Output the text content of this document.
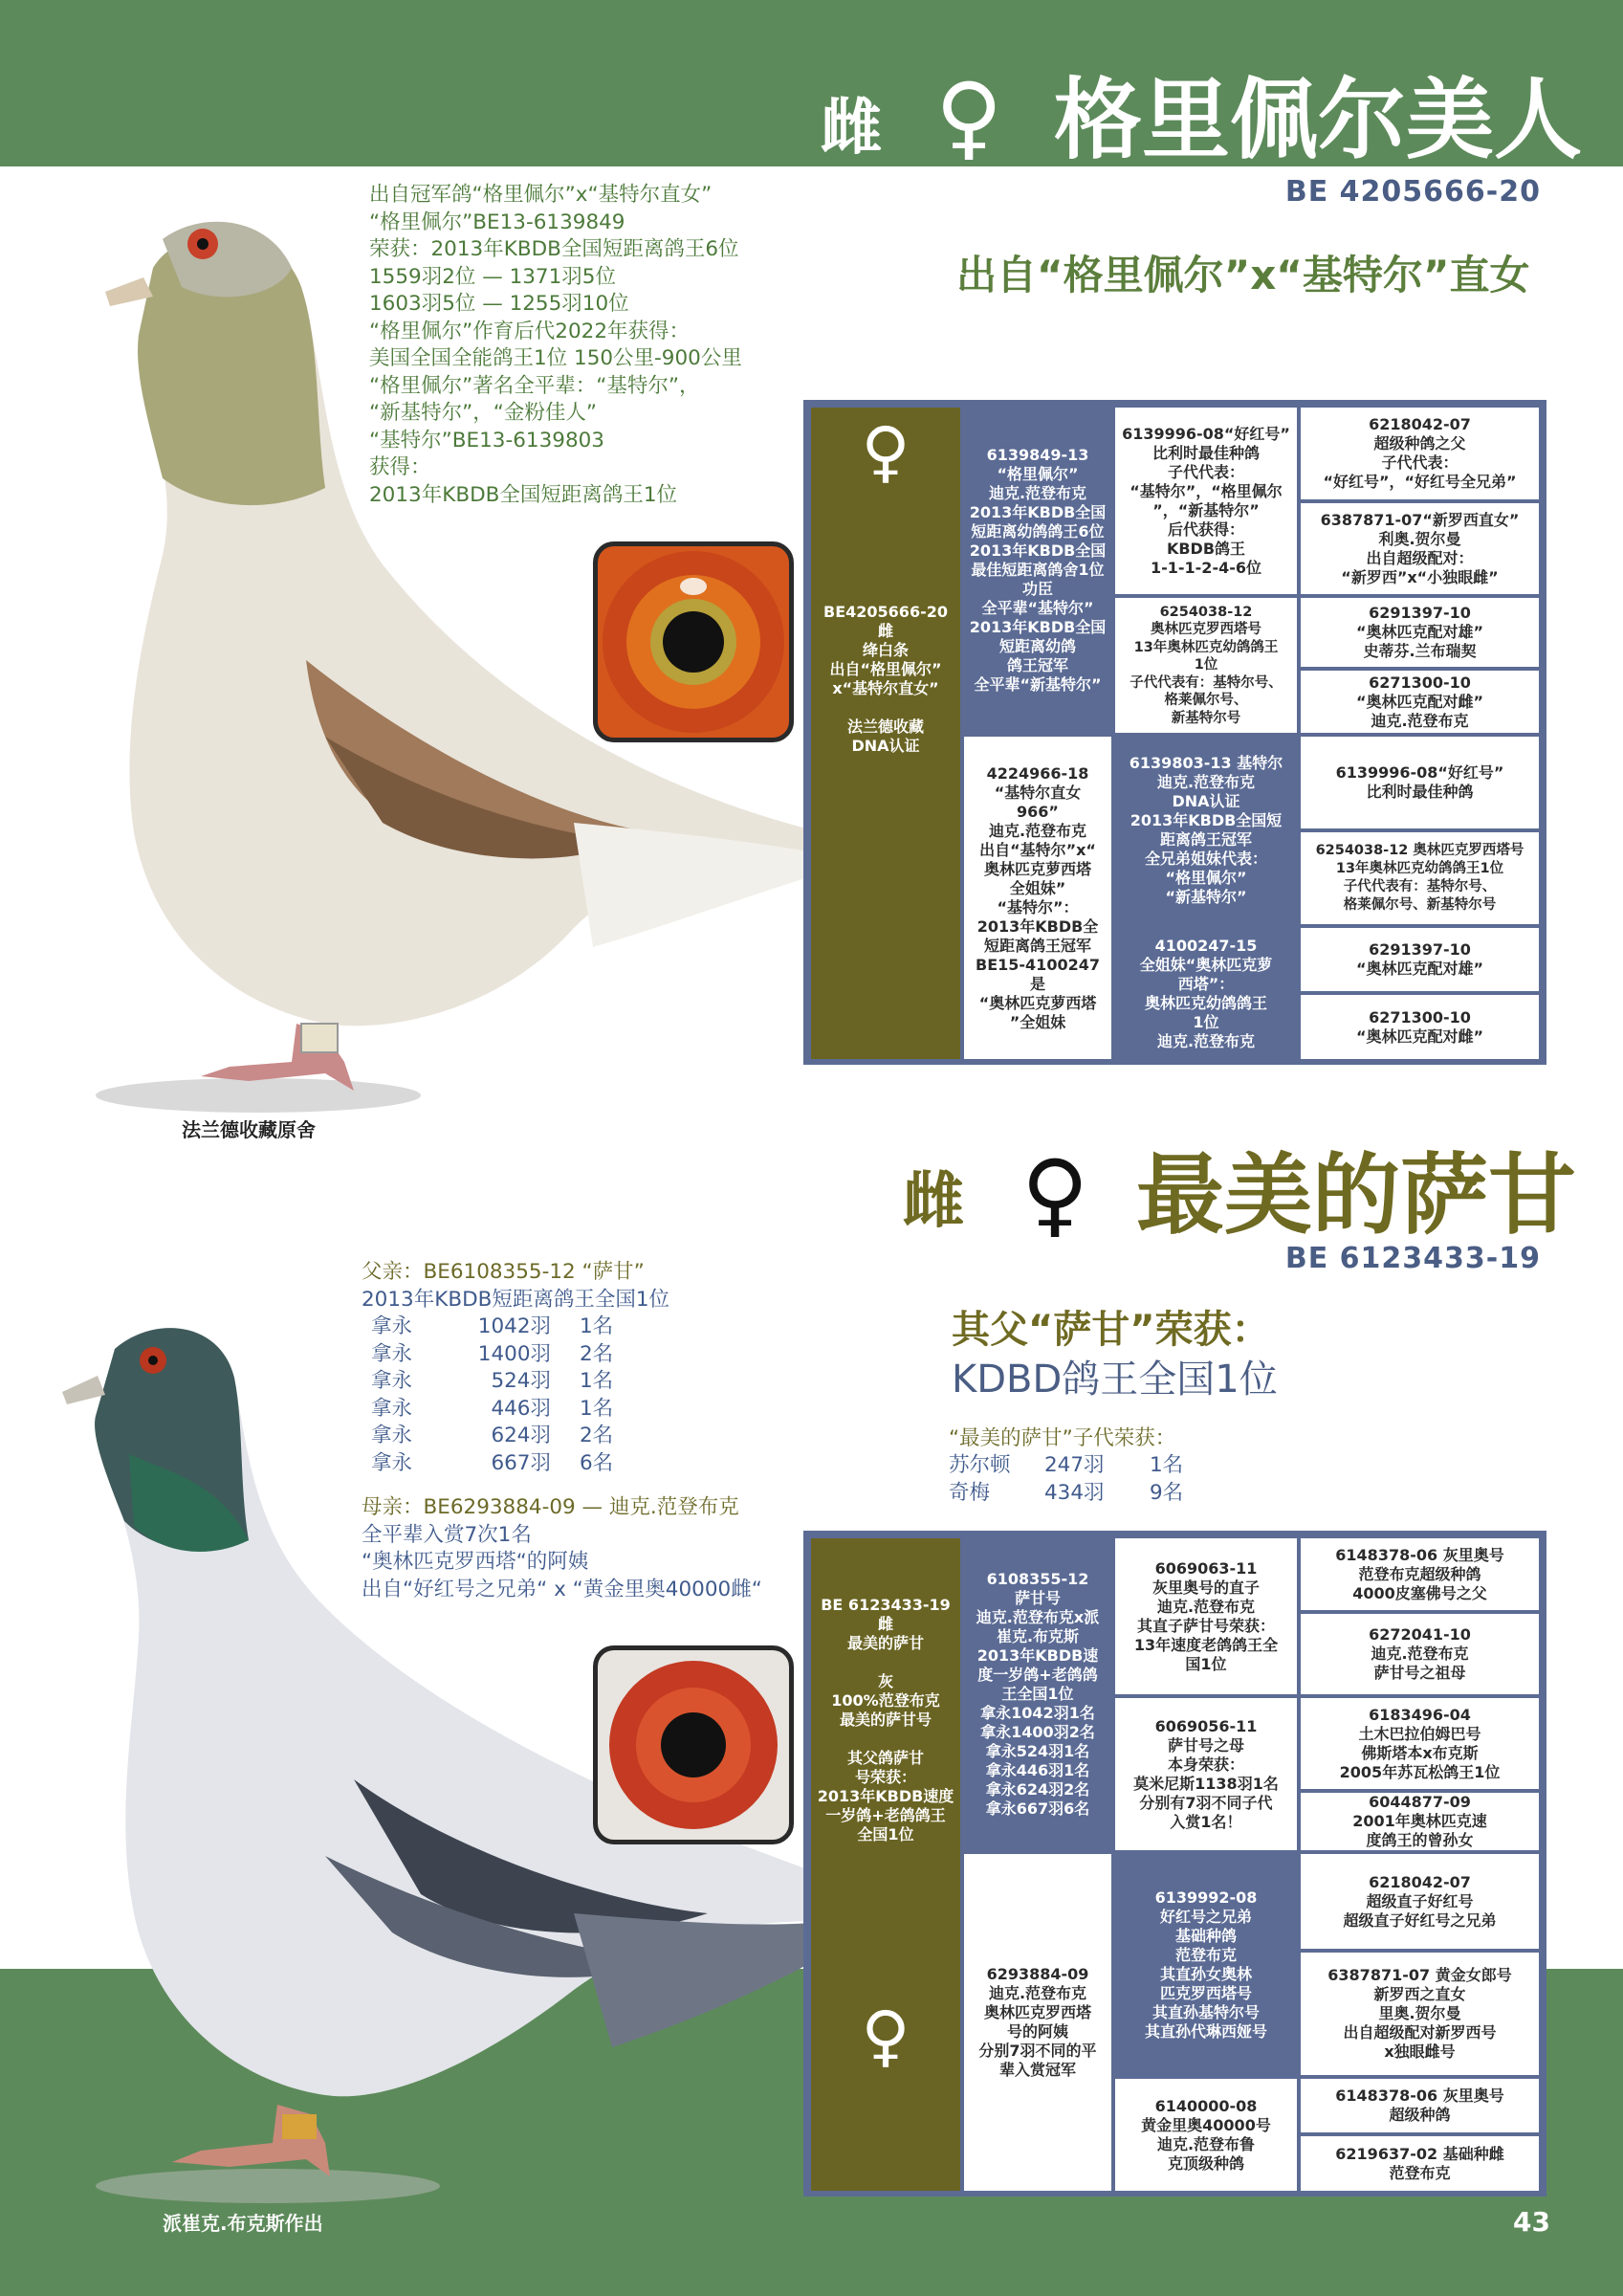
雌 ♀ 格里佩尔美人
BE 4205666-20
出自“格里佩尔”x“基特尔”直女
出自冠军鸽“格里佩尔”x“基特尔直女”
“格里佩尔”BE13-6139849
荣获：2013年KBDB全国短距离鸽王6位
1559羽2位 — 1371羽5位
1603羽5位 — 1255羽10位
“格里佩尔”作育后代2022年获得：
美国全国全能鸽王1位 150公里-900公里
“格里佩尔”著名全平辈：“基特尔”，
“新基特尔”，“金粉佳人”
“基特尔”BE13-6139803
获得：
2013年KBDB全国短距离鸽王1位
法兰德收藏原舍
♀
BE4205666-20
雌
绛白条
出自“格里佩尔”
x“基特尔直女”
法兰德收藏
DNA认证
6139849-13
“格里佩尔”
迪克.范登布克
2013年KBDB全国
短距离幼鸽鸽王6位
2013年KBDB全国
最佳短距离鸽舍1位
功臣
全平辈“基特尔”
2013年KBDB全国
短距离幼鸽
鸽王冠军
全平辈“新基特尔”
4224966-18
“基特尔直女
966”
迪克.范登布克
出自“基特尔”x“
奥林匹克萝西塔
全姐妹”
“基特尔”：
2013年KBDB全
短距离鸽王冠军
BE15-4100247
是
“奥林匹克萝西塔
”全姐妹
6139996-08“好红号”
比利时最佳种鸽
子代代表：
“基特尔”，“格里佩尔
”，“新基特尔”
后代获得：
KBDB鸽王
1-1-1-2-4-6位
6254038-12
奥林匹克罗西塔号
13年奥林匹克幼鸽鸽王
1位
子代代表有：基特尔号、
格莱佩尔号、
新基特尔号
6139803-13 基特尔
迪克.范登布克
DNA认证
2013年KBDB全国短
距离鸽王冠军
全兄弟姐妹代表：
“格里佩尔”
“新基特尔”
4100247-15
全姐妹“奥林匹克萝
西塔”：
奥林匹克幼鸽鸽王
1位
迪克.范登布克
6218042-07
超级种鸽之父
子代代表：
“好红号”，“好红号全兄弟”
6387871-07“新罗西直女”
利奥.贺尔曼
出自超级配对：
“新罗西”x“小独眼雌”
6291397-10
“奥林匹克配对雄”
史蒂芬.兰布瑞契
6271300-10
“奥林匹克配对雌”
迪克.范登布克
6139996-08“好红号”
比利时最佳种鸽
6254038-12 奥林匹克罗西塔号
13年奥林匹克幼鸽鸽王1位
子代代表有：基特尔号、
格莱佩尔号、新基特尔号
6291397-10
“奥林匹克配对雄”
6271300-10
“奥林匹克配对雌”
雌 ♀ 最美的萨甘
BE 6123433-19
其父“萨甘”荣获：
KDBD鸽王全国1位
父亲：BE6108355-12 “萨甘”
2013年KBDB短距离鸽王全国1位
拿永	1042羽 1名
拿永	1400羽 2名
拿永	524羽 1名
拿永	446羽 1名
拿永	624羽 2名
拿永	667羽 6名
母亲：BE6293884-09 — 迪克.范登布克
全平辈入赏7次1名
“奥林匹克罗西塔“的阿姨
出自“好红号之兄弟“ x “黄金里奥40000雌“
“最美的萨甘”子代荣获：
苏尔顿 247羽 1名
奇梅	434羽 9名
派崔克.布克斯作出	43
BE 6123433-19
雌
最美的萨甘
灰
100%范登布克
最美的萨甘号
其父鸽萨甘
号荣获：
2013年KBDB速度
一岁鸽+老鸽鸽王
全国1位
♀
6108355-12
萨甘号
迪克.范登布克x派
崔克.布克斯
2013年KBDB速
度一岁鸽+老鸽鸽
王全国1位
拿永1042羽1名
拿永1400羽2名
拿永524羽1名
拿永446羽1名
拿永624羽2名
拿永667羽6名
6293884-09
迪克.范登布克
奥林匹克罗西塔
号的阿姨
分别7羽不同的平
辈入赏冠军
6069063-11
灰里奥号的直子
迪克.范登布克
其直子萨甘号荣获：
13年速度老鸽鸽王全
国1位
6069056-11
萨甘号之母
本身荣获：
莫米尼斯1138羽1名
分别有7羽不同子代
入赏1名！
6139992-08
好红号之兄弟
基础种鸽
范登布克
其直孙女奥林
匹克罗西塔号
其直孙基特尔号
其直孙代琳西娅号
6140000-08
黄金里奥40000号
迪克.范登布鲁
克顶级种鸽
6148378-06 灰里奥号
范登布克超级种鸽
4000皮塞佛号之父
6272041-10
迪克.范登布克
萨甘号之祖母
6183496-04
土木巴拉伯姆巴号
佛斯塔本x布克斯
2005年苏瓦松鸽王1位
6044877-09
2001年奥林匹克速
度鸽王的曾孙女
6218042-07
超级直子好红号
超级直子好红号之兄弟
6387871-07 黄金女郎号
新罗西之直女
里奥.贺尔曼
出自超级配对新罗西号
x独眼雌号
6148378-06 灰里奥号
超级种鸽
6219637-02 基础种雌
范登布克
